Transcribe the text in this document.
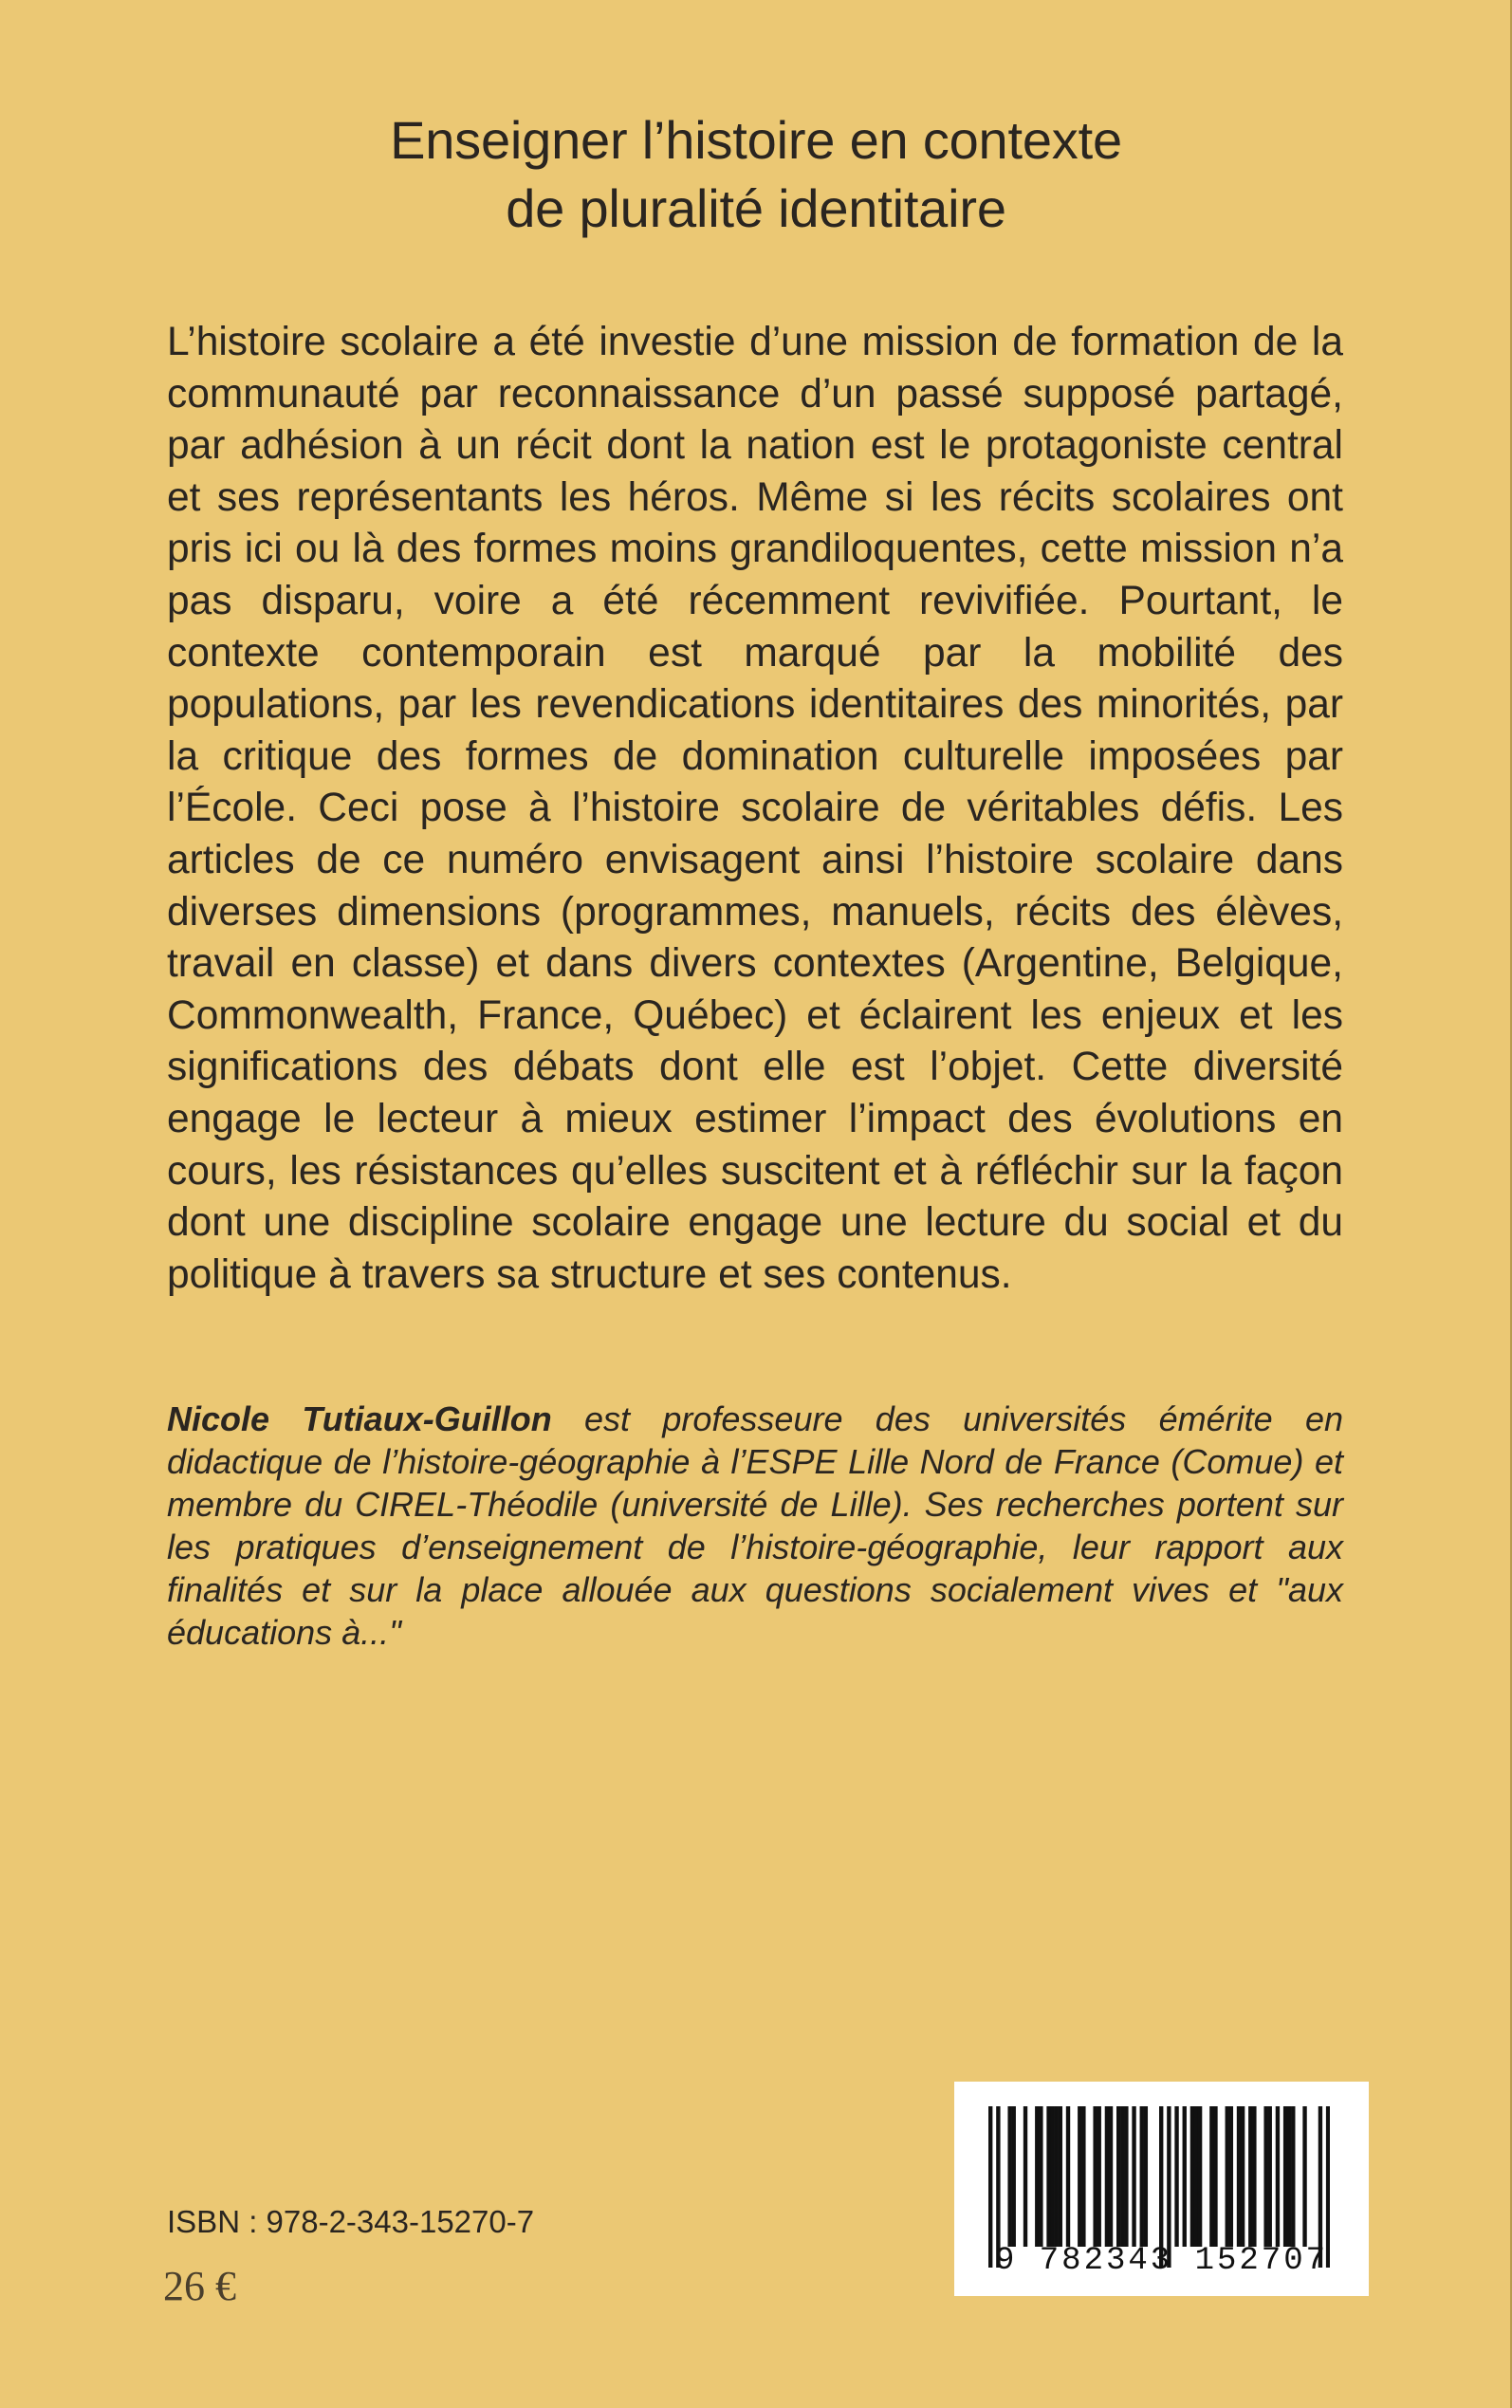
Enseigner l’histoire en contexte
de pluralité identitaire

L’histoire scolaire a été investie d’une mission de formation de la communauté par reconnaissance d’un passé supposé partagé, par adhésion à un récit dont la nation est le protagoniste central et ses représentants les héros. Même si les récits scolaires ont pris ici ou là des formes moins grandiloquentes, cette mission n’a pas disparu, voire a été récemment revivifiée. Pourtant, le contexte contemporain est marqué par la mobilité des populations, par les revendications identitaires des minorités, par la critique des formes de domination culturelle imposées par l’École. Ceci pose à l’histoire scolaire de véritables défis. Les articles de ce numéro envisagent ainsi l’histoire scolaire dans diverses dimensions (programmes, manuels, récits des élèves, travail en classe) et dans divers contextes (Argentine, Belgique, Commonwealth, France, Québec) et éclairent les enjeux et les significations des débats dont elle est l’objet. Cette diversité engage le lecteur à mieux estimer l’impact des évolutions en cours, les résistances qu’elles suscitent et à réfléchir sur la façon dont une discipline scolaire engage une lecture du social et du politique à travers sa structure et ses contenus.

Nicole Tutiaux-Guillon est professeure des universités émérite en didactique de l’histoire-géographie à l’ESPE Lille Nord de France (Comue) et membre du CIREL-Théodile (université de Lille). Ses recherches portent sur les pratiques d’enseignement de l’histoire-géographie, leur rapport aux finalités et sur la place allouée aux questions socialement vives et "aux éducations à..."

ISBN : 978-2-343-15270-7
26 €
9 782343 152707
